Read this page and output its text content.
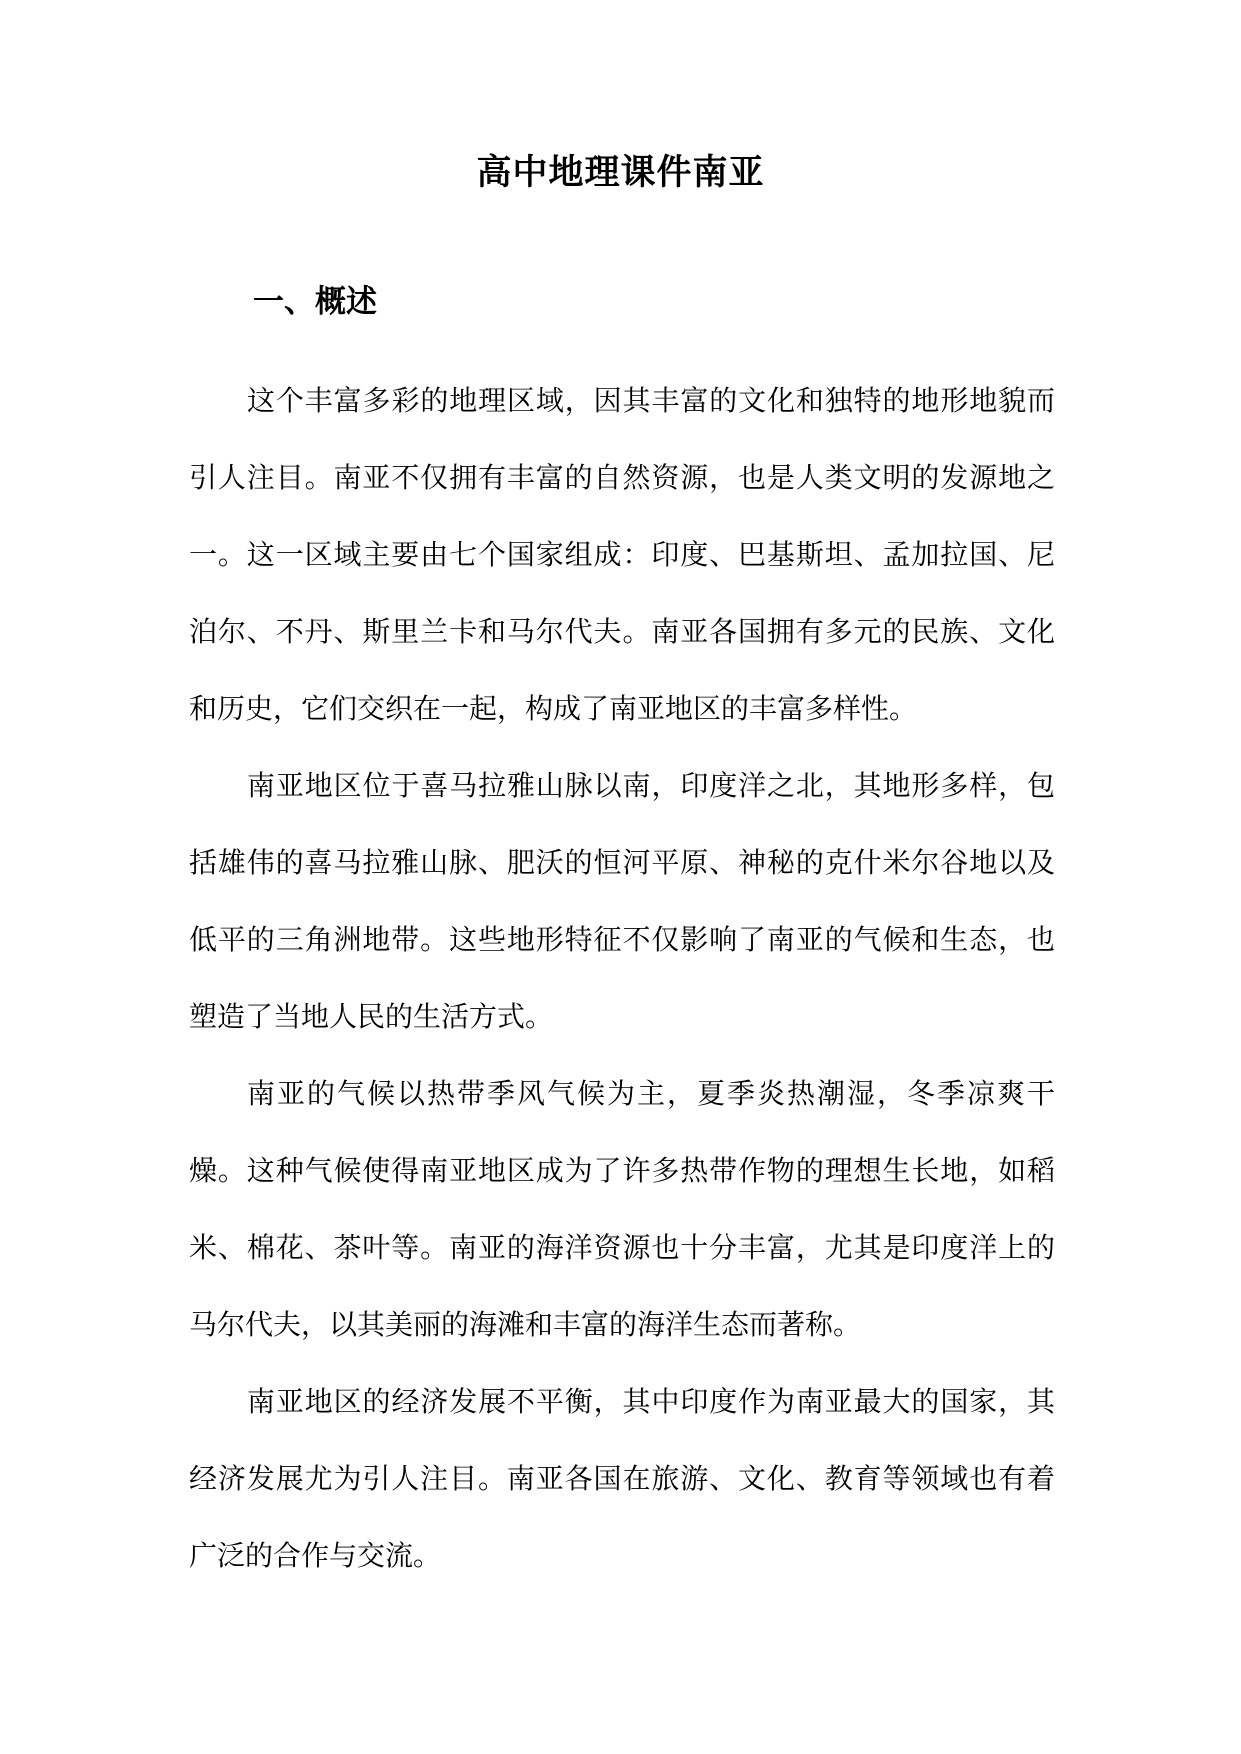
高中地理课件南亚
一、概述

这个丰富多彩的地理区域，因其丰富的文化和独特的地形地貌而引人注目。南亚不仅拥有丰富的自然资源，也是人类文明的发源地之一。这一区域主要由七个国家组成：印度、巴基斯坦、孟加拉国、尼泊尔、不丹、斯里兰卡和马尔代夫。南亚各国拥有多元的民族、文化和历史，它们交织在一起，构成了南亚地区的丰富多样性。

南亚地区位于喜马拉雅山脉以南，印度洋之北，其地形多样，包括雄伟的喜马拉雅山脉、肥沃的恒河平原、神秘的克什米尔谷地以及低平的三角洲地带。这些地形特征不仅影响了南亚的气候和生态，也塑造了当地人民的生活方式。

南亚的气候以热带季风气候为主，夏季炎热潮湿，冬季凉爽干燥。这种气候使得南亚地区成为了许多热带作物的理想生长地，如稻米、棉花、茶叶等。南亚的海洋资源也十分丰富，尤其是印度洋上的马尔代夫，以其美丽的海滩和丰富的海洋生态而著称。

南亚地区的经济发展不平衡，其中印度作为南亚最大的国家，其经济发展尤为引人注目。南亚各国在旅游、文化、教育等领域也有着广泛的合作与交流。
